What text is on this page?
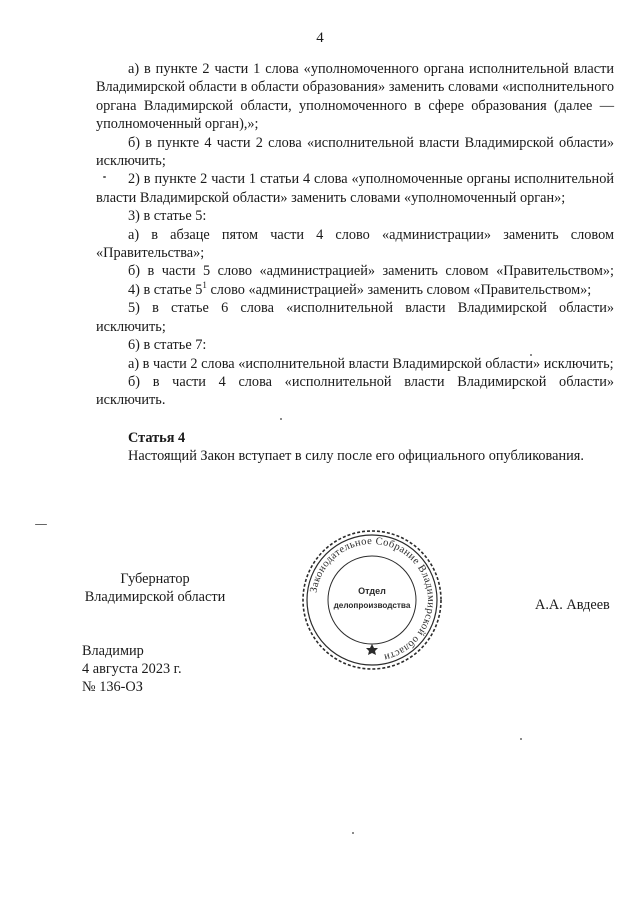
4

а) в пункте 2 части 1 слова «уполномоченного органа исполнительной власти Владимирской области в области образования» заменить словами «исполнительного органа Владимирской области, уполномоченного в сфере образования (далее — уполномоченный орган),»;

б) в пункте 4 части 2 слова «исполнительной власти Владимирской области» исключить;

2) в пункте 2 части 1 статьи 4 слова «уполномоченные органы исполнительной власти Владимирской области» заменить словами «уполномоченный орган»;

3) в статье 5:

а) в абзаце пятом части 4 слово «администрации» заменить словом «Правительства»;

б) в части 5 слово «администрацией» заменить словом «Правительством»;

4) в статье $5^1$ слово «администрацией» заменить словом «Правительством»;

5) в статье 6 слова «исполнительной власти Владимирской области» исключить;

6) в статье 7:

а) в части 2 слова «исполнительной власти Владимирской области» исключить;

б) в части 4 слова «исполнительной власти Владимирской области» исключить.

Статья 4

Настоящий Закон вступает в силу после его официального опубликования.

Губернатор
Владимирской области	А.А. Авдеев
Владимир
4 августа 2023 г.
№ 136-ОЗ
Законодательное Собрание Владимирской области
Отдел
делопроизводства
